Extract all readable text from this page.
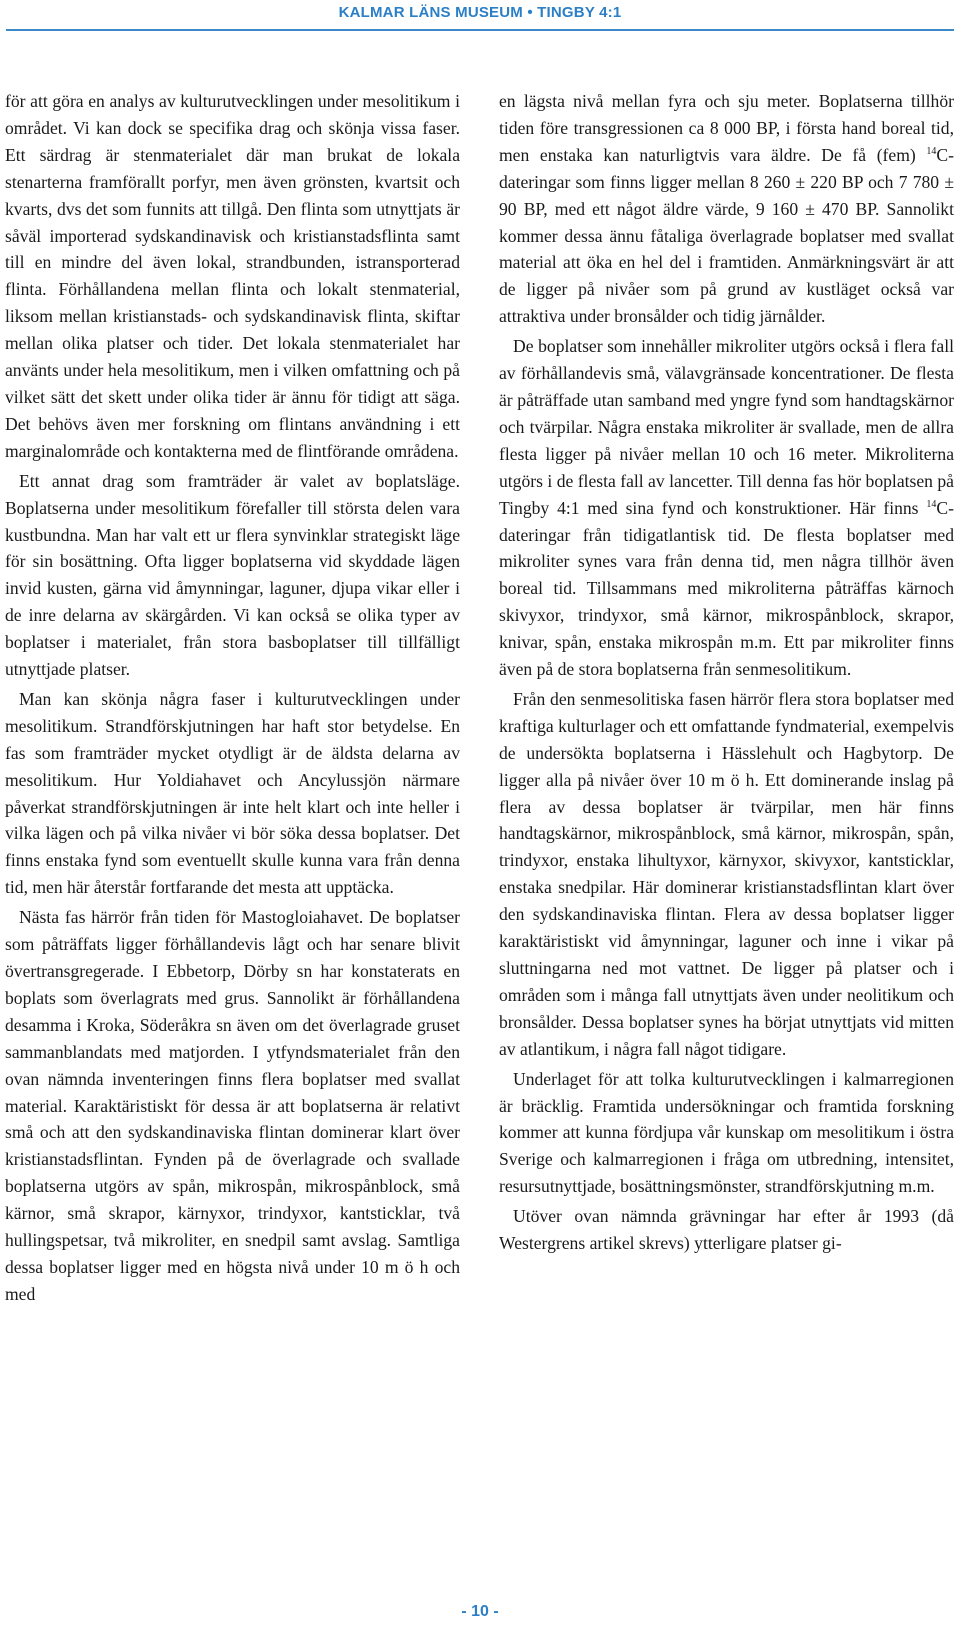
KALMAR LÄNS MUSEUM • TINGBY 4:1

för att göra en analys av kulturutvecklingen under mesolitikum i området. Vi kan dock se specifika drag och skönja vissa faser. Ett särdrag är stenmaterialet där man brukat de lokala stenarterna framförallt porfyr, men även grönsten, kvartsit och kvarts, dvs det som funnits att tillgå. Den flinta som utnyttjats är såväl importerad sydskandinavisk och kristianstadsflinta samt till en mindre del även lokal, strandbunden, istransporterad flinta. Förhållandena mellan flinta och lokalt stenmaterial, liksom mellan kristianstads- och sydskandinavisk flinta, skiftar mellan olika platser och tider. Det lokala stenmaterialet har använts under hela mesolitikum, men i vilken omfattning och på vilket sätt det skett under olika tider är ännu för tidigt att säga. Det behövs även mer forskning om flintans användning i ett marginalområde och kontakterna med de flintförande områdena.

Ett annat drag som framträder är valet av boplatsläge. Boplatserna under mesolitikum förefaller till största delen vara kustbundna. Man har valt ett ur flera synvinklar strategiskt läge för sin bosättning. Ofta ligger boplatserna vid skyddade lägen invid kusten, gärna vid åmynningar, laguner, djupa vikar eller i de inre delarna av skärgården. Vi kan också se olika typer av boplatser i materialet, från stora basboplatser till tillfälligt utnyttjade platser.

Man kan skönja några faser i kulturutvecklingen under mesolitikum. Strandförskjutningen har haft stor betydelse. En fas som framträder mycket otydligt är de äldsta delarna av mesolitikum. Hur Yoldiahavet och Ancylussjön närmare påverkat strandförskjutningen är inte helt klart och inte heller i vilka lägen och på vilka nivåer vi bör söka dessa boplatser. Det finns enstaka fynd som eventuellt skulle kunna vara från denna tid, men här återstår fortfarande det mesta att upptäcka.

Nästa fas härrör från tiden för Mastogloiahavet. De boplatser som påträffats ligger förhållandevis lågt och har senare blivit övertransgregerade. I Ebbetorp, Dörby sn har konstaterats en boplats som överlagrats med grus. Sannolikt är förhållandena desamma i Kroka, Söderåkra sn även om det överlagrade gruset sammanblandats med matjorden. I ytfyndsmaterialet från den ovan nämnda inventeringen finns flera boplatser med svallat material. Karaktäristiskt för dessa är att boplatserna är relativt små och att den sydskandinaviska flintan dominerar klart över kristianstadsflintan. Fynden på de överlagrade och svallade boplatserna utgörs av spån, mikrospån, mikrospånblock, små kärnor, små skrapor, kärnyxor, trindyxor, kantsticklar, två hullingspetsar, två mikroliter, en snedpil samt avslag. Samtliga dessa boplatser ligger med en högsta nivå under 10 m ö h och med

en lägsta nivå mellan fyra och sju meter. Boplatserna tillhör tiden före transgressionen ca 8 000 BP, i första hand boreal tid, men enstaka kan naturligtvis vara äldre. De få (fem) $^{14}$C-dateringar som finns ligger mellan 8 260 ± 220 BP och 7 780 ± 90 BP, med ett något äldre värde, 9 160 ± 470 BP. Sannolikt kommer dessa ännu fåtaliga överlagrade boplatser med svallat material att öka en hel del i framtiden. Anmärkningsvärt är att de ligger på nivåer som på grund av kustläget också var attraktiva under bronsålder och tidig järnålder.

De boplatser som innehåller mikroliter utgörs också i flera fall av förhållandevis små, välavgränsade koncentrationer. De flesta är påträffade utan samband med yngre fynd som handtagskärnor och tvärpilar. Några enstaka mikroliter är svallade, men de allra flesta ligger på nivåer mellan 10 och 16 meter. Mikroliterna utgörs i de flesta fall av lancetter. Till denna fas hör boplatsen på Tingby 4:1 med sina fynd och konstruktioner. Här finns $^{14}$C-dateringar från tidigatlantisk tid. De flesta boplatser med mikroliter synes vara från denna tid, men några tillhör även boreal tid. Tillsammans med mikroliterna påträffas kärnoch skivyxor, trindyxor, små kärnor, mikrospånblock, skrapor, knivar, spån, enstaka mikrospån m.m. Ett par mikroliter finns även på de stora boplatserna från senmesolitikum.

Från den senmesolitiska fasen härrör flera stora boplatser med kraftiga kulturlager och ett omfattande fyndmaterial, exempelvis de undersökta boplatserna i Hässlehult och Hagbytorp. De ligger alla på nivåer över 10 m ö h. Ett dominerande inslag på flera av dessa boplatser är tvärpilar, men här finns handtagskärnor, mikrospånblock, små kärnor, mikrospån, spån, trindyxor, enstaka lihultyxor, kärnyxor, skivyxor, kantsticklar, enstaka snedpilar. Här dominerar kristianstadsflintan klart över den sydskandinaviska flintan. Flera av dessa boplatser ligger karaktäristiskt vid åmynningar, laguner och inne i vikar på sluttningarna ned mot vattnet. De ligger på platser och i områden som i många fall utnyttjats även under neolitikum och bronsålder. Dessa boplatser synes ha börjat utnyttjats vid mitten av atlantikum, i några fall något tidigare.

Underlaget för att tolka kulturutvecklingen i kalmarregionen är bräcklig. Framtida undersökningar och framtida forskning kommer att kunna fördjupa vår kunskap om mesolitikum i östra Sverige och kalmarregionen i fråga om utbredning, intensitet, resursutnyttjade, bosättningsmönster, strandförskjutning m.m.

Utöver ovan nämnda grävningar har efter år 1993 (då Westergrens artikel skrevs) ytterligare platser gi-

- 10 -
